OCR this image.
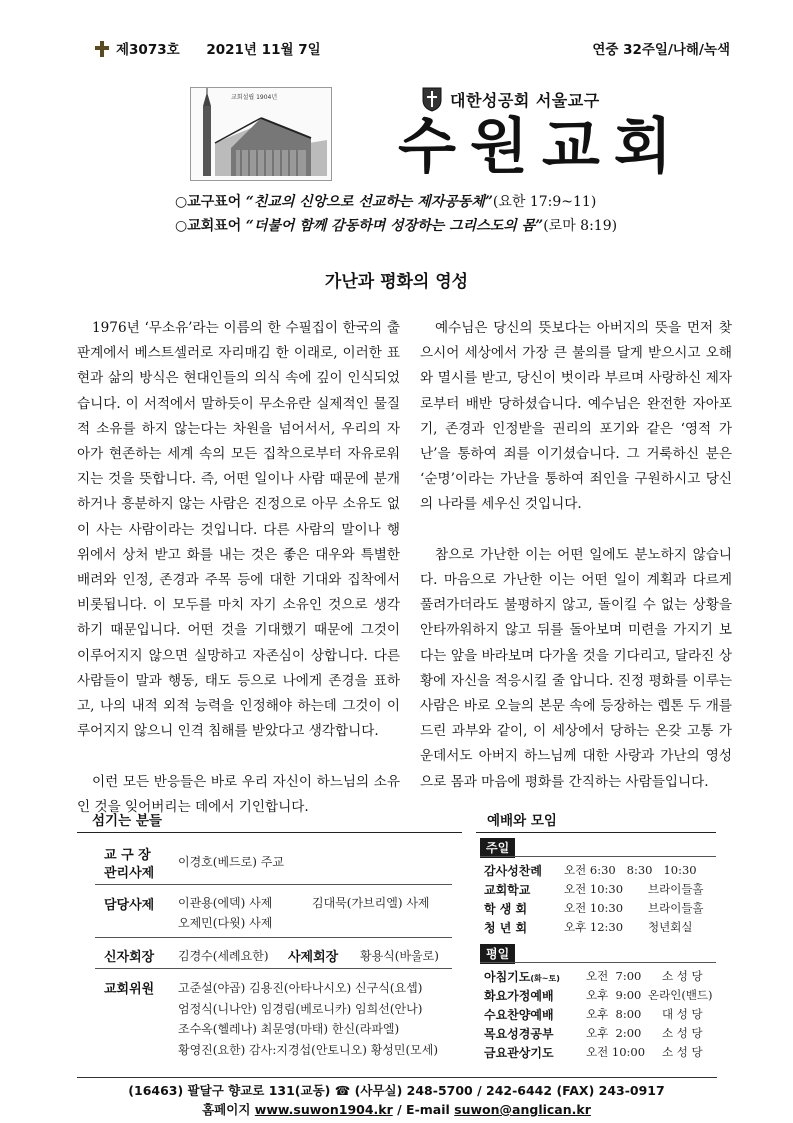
제3073호 2021년 11월 7일	연중 32주일/나해/녹색
교회설립 1904년	대한성공회 서울교구
수원교회
○교구표어 “친교의 신앙으로 선교하는 제자공동체”(요한 17:9~11)
○교회표어 “더불어 함께 감동하며 성장하는 그리스도의 몸”(로마 8:19)
가난과 평화의 영성

1976년 ‘무소유’라는 이름의 한 수필집이 한국의 출판계에서 베스트셀러로 자리매김 한 이래로, 이러한 표현과 삶의 방식은 현대인들의 의식 속에 깊이 인식되었습니다. 이 서적에서 말하듯이 무소유란 실제적인 물질적 소유를 하지 않는다는 차원을 넘어서서, 우리의 자아가 현존하는 세계 속의 모든 집착으로부터 자유로워지는 것을 뜻합니다. 즉, 어떤 일이나 사람 때문에 분개하거나 흥분하지 않는 사람은 진정으로 아무 소유도 없이 사는 사람이라는 것입니다. 다른 사람의 말이나 행위에서 상처 받고 화를 내는 것은 좋은 대우와 특별한 배려와 인정, 존경과 주목 등에 대한 기대와 집착에서 비롯됩니다. 이 모두를 마치 자기 소유인 것으로 생각하기 때문입니다. 어떤 것을 기대했기 때문에 그것이 이루어지지 않으면 실망하고 자존심이 상합니다. 다른 사람들이 말과 행동, 태도 등으로 나에게 존경을 표하고, 나의 내적 외적 능력을 인정해야 하는데 그것이 이루어지지 않으니 인격 침해를 받았다고 생각합니다.

이런 모든 반응들은 바로 우리 자신이 하느님의 소유인 것을 잊어버리는 데에서 기인합니다.

예수님은 당신의 뜻보다는 아버지의 뜻을 먼저 찾으시어 세상에서 가장 큰 불의를 달게 받으시고 오해와 멸시를 받고, 당신이 벗이라 부르며 사랑하신 제자로부터 배반 당하셨습니다. 예수님은 완전한 자아포기, 존경과 인정받을 권리의 포기와 같은 ‘영적 가난’을 통하여 죄를 이기셨습니다. 그 거룩하신 분은 ‘순명’이라는 가난을 통하여 죄인을 구원하시고 당신의 나라를 세우신 것입니다.

참으로 가난한 이는 어떤 일에도 분노하지 않습니다. 마음으로 가난한 이는 어떤 일이 계획과 다르게 풀려가더라도 불평하지 않고, 돌이킬 수 없는 상황을 안타까워하지 않고 뒤를 돌아보며 미련을 가지기 보다는 앞을 바라보며 다가올 것을 기다리고, 달라진 상황에 자신을 적응시킬 줄 압니다. 진정 평화를 이루는 사람은 바로 오늘의 본문 속에 등장하는 렙톤 두 개를 드린 과부와 같이, 이 세상에서 당하는 온갖 고통 가운데서도 아버지 하느님께 대한 사랑과 가난의 영성으로 몸과 마음에 평화를 간직하는 사람들입니다.

섬기는 분들
교 구 장
관리사제
이경호(베드로) 주교
담당사제 이관용(에덱) 사제	김대묵(가브리엘) 사제
오제민(다윗) 사제
신자회장 김경수(세례요한) 사제회장 황용식(바울로)
교회위원 고준설(야곱) 김용진(아타나시오) 신구식(요셉)
엄정식(니나안) 임경림(베로니카) 임희선(안나)
조수옥(헬레나) 최문영(마태) 한신(라파엘)
황영진(요한) 감사:지경섭(안토니오) 황성민(모세)
예배와 모임
주일
감사성찬례 오전 6:30   8:30   10:30
교회학교	오전 10:30 브라이들홀
학 생 회	오전 10:30 브라이들홀
청 년 회	오후 12:30 청년회실
평일
아침기도(화~토) 오전  7:00 소 성 당
화요가정예배	오후  9:00 온라인(밴드)
수요찬양예배	오후  8:00 대 성 당
목요성경공부	오후  2:00 소 성 당
금요관상기도	오전 10:00 소 성 당
(16463) 팔달구 향교로 131(교동) ☎ (사무실) 248-5700 / 242-6442 (FAX) 243-0917
홈페이지 www.suwon1904.kr / E-mail suwon@anglican.kr
